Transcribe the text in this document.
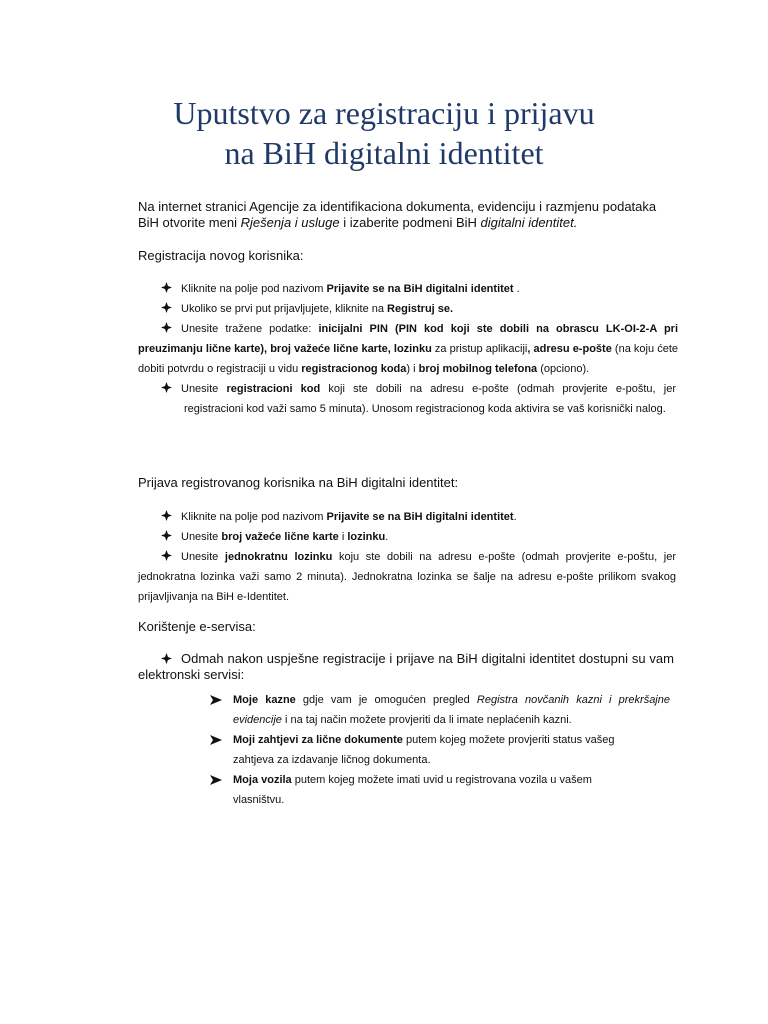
Uputstvo za registraciju i prijavu
na BiH digitalni identitet

Na internet stranici Agencije za identifikaciona dokumenta, evidenciju i razmjenu podataka BiH otvorite meni Rješenja i usluge i izaberite podmeni BiH digitalni identitet.

Registracija novog korisnika:

Kliknite na polje pod nazivom Prijavite se na BiH digitalni identitet .
Ukoliko se prvi put prijavljujete, kliknite na Registruj se.
Unesite tražene podatke: inicijalni PIN (PIN kod koji ste dobili na obrascu LK-OI-2-A pri preuzimanju lične karte), broj važeće lične karte, lozinku za pristup aplikaciji, adresu e-pošte (na koju ćete dobiti potvrdu o registraciji u vidu registracionog koda) i broj mobilnog telefona (opciono).
Unesite registracioni kod koji ste dobili na adresu e-pošte (odmah provjerite e-poštu, jer registracioni kod važi samo 5 minuta). Unosom registracionog koda aktivira se vaš korisnički nalog.

Prijava registrovanog korisnika na BiH digitalni identitet:

Kliknite na polje pod nazivom Prijavite se na BiH digitalni identitet.
Unesite broj važeće lične karte i lozinku.
Unesite jednokratnu lozinku koju ste dobili na adresu e-pošte (odmah provjerite e-poštu, jer jednokratna lozinka važi samo 2 minuta). Jednokratna lozinka se šalje na adresu e-pošte prilikom svakog prijavljivanja na BiH e-Identitet.

Korištenje e-servisa:

Odmah nakon uspješne registracije i prijave na BiH digitalni identitet dostupni su vam elektronski servisi:
Moje kazne gdje vam je omogućen pregled Registra novčanih kazni i prekršajne evidencije i na taj način možete provjeriti da li imate neplaćenih kazni.
Moji zahtjevi za lične dokumente putem kojeg možete provjeriti status vašeg zahtjeva za izdavanje ličnog dokumenta.
Moja vozila putem kojeg možete imati uvid u registrovana vozila u vašem vlasništvu.
